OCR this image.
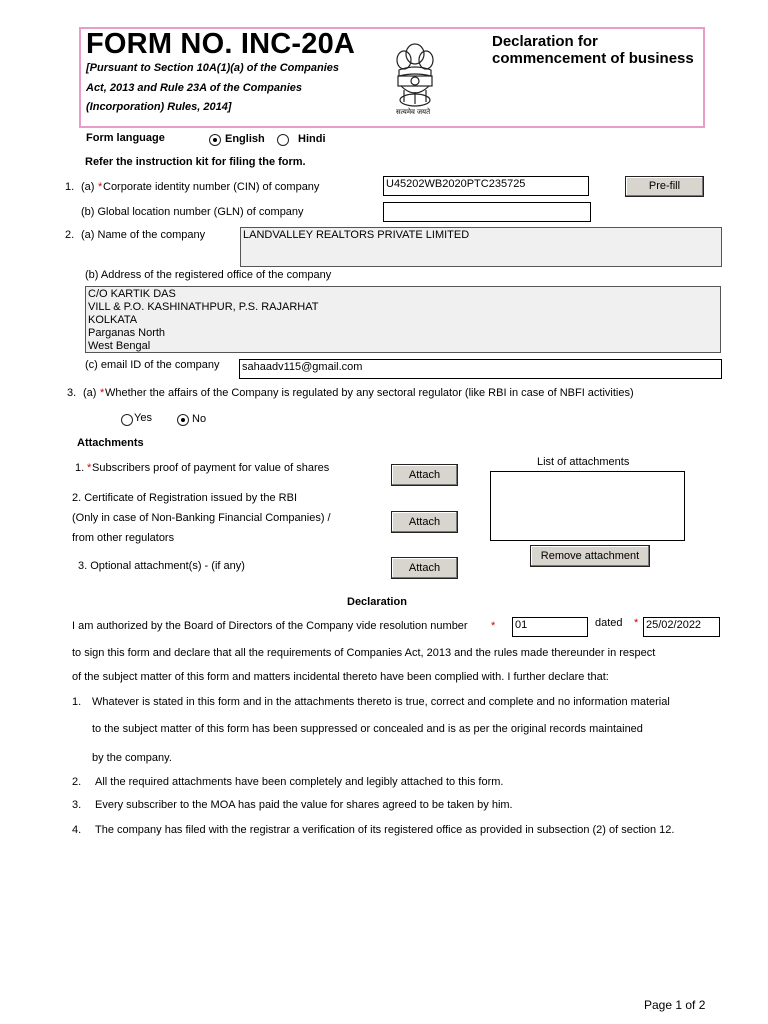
FORM NO. INC-20A
[Pursuant to Section 10A(1)(a) of the Companies
Act, 2013 and Rule 23A of the Companies
(Incorporation) Rules, 2014]	सत्यमेव जयते
Declaration for
commencement of business
Form language	English	Hindi
Refer the instruction kit for filing the form.
1. (a) * Corporate identity number (CIN) of company	U45202WB2020PTC235725	Pre-fill
(b) Global location number (GLN) of company
2. (a) Name of the company	LANDVALLEY REALTORS PRIVATE LIMITED
(b) Address of the registered office of the company
C/O KARTIK DAS
VILL & P.O. KASHINATHPUR, P.S. RAJARHAT
KOLKATA
Parganas North
West Bengal
(c) email ID of the company sahaadv115@gmail.com
3. (a) * Whether the affairs of the Company is regulated by any sectoral regulator (like RBI in case of NBFI activities)
Yes	No
Attachments
List of attachments
1. * Subscribers proof of payment for value of shares
Attach
2. Certificate of Registration issued by the RBI
(Only in case of Non-Banking Financial Companies) /
from other regulators
Attach
Remove attachment
3. Optional attachment(s) - (if any)	Attach
Declaration
I am authorized by the Board of Directors of the Company vide resolution number * 01	dated * 25/02/2022
to sign this form and declare that all the requirements of Companies Act, 2013 and the rules made thereunder in respect
of the subject matter of this form and matters incidental thereto have been complied with. I further declare that:
1. Whatever is stated in this form and in the attachments thereto is true, correct and complete and no information material
to the subject matter of this form has been suppressed or concealed and is as per the original records maintained
by the company.
2. All the required attachments have been completely and legibly attached to this form.
3. Every subscriber to the MOA has paid the value for shares agreed to be taken by him.
4. The company has filed with the registrar a verification of its registered office as provided in subsection (2) of section 12.
Page 1 of 2
